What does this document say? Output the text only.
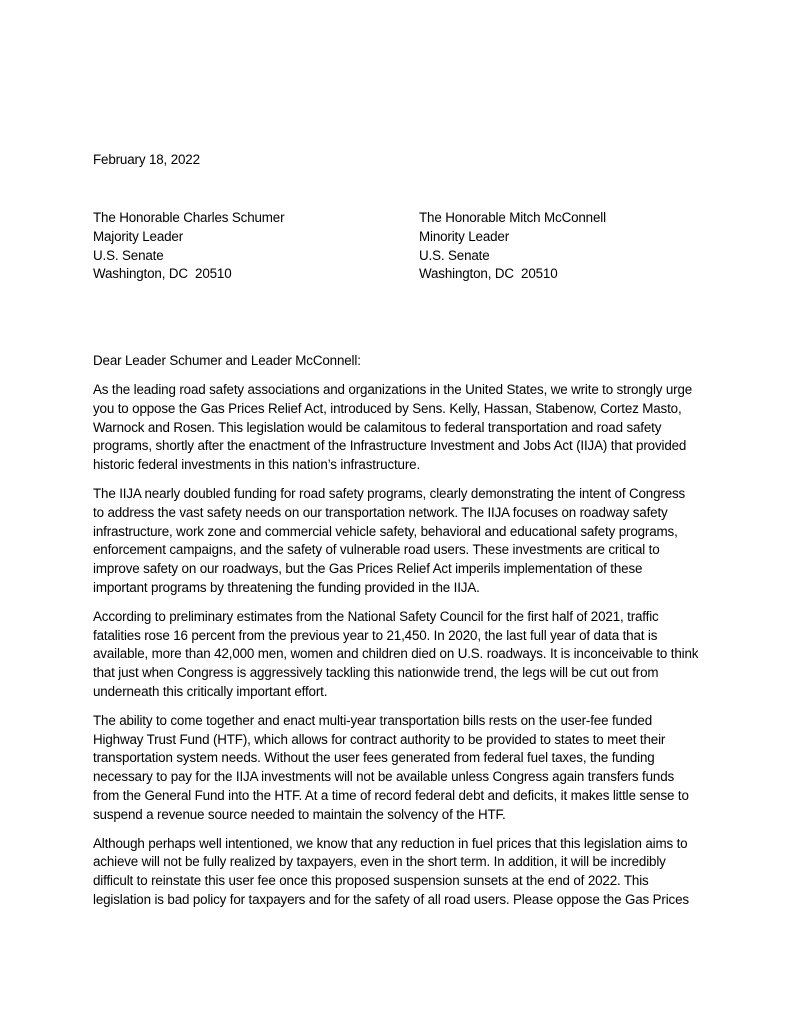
February 18, 2022
The Honorable Charles Schumer
Majority Leader
U.S. Senate
Washington, DC  20510
The Honorable Mitch McConnell
Minority Leader
U.S. Senate
Washington, DC  20510
Dear Leader Schumer and Leader McConnell:

As the leading road safety associations and organizations in the United States, we write to strongly urge you to oppose the Gas Prices Relief Act, introduced by Sens. Kelly, Hassan, Stabenow, Cortez Masto, Warnock and Rosen. This legislation would be calamitous to federal transportation and road safety programs, shortly after the enactment of the Infrastructure Investment and Jobs Act (IIJA) that provided historic federal investments in this nation’s infrastructure.

The IIJA nearly doubled funding for road safety programs, clearly demonstrating the intent of Congress to address the vast safety needs on our transportation network. The IIJA focuses on roadway safety infrastructure, work zone and commercial vehicle safety, behavioral and educational safety programs, enforcement campaigns, and the safety of vulnerable road users. These investments are critical to improve safety on our roadways, but the Gas Prices Relief Act imperils implementation of these important programs by threatening the funding provided in the IIJA.

According to preliminary estimates from the National Safety Council for the first half of 2021, traffic fatalities rose 16 percent from the previous year to 21,450. In 2020, the last full year of data that is available, more than 42,000 men, women and children died on U.S. roadways. It is inconceivable to think that just when Congress is aggressively tackling this nationwide trend, the legs will be cut out from underneath this critically important effort.

The ability to come together and enact multi-year transportation bills rests on the user-fee funded Highway Trust Fund (HTF), which allows for contract authority to be provided to states to meet their transportation system needs. Without the user fees generated from federal fuel taxes, the funding necessary to pay for the IIJA investments will not be available unless Congress again transfers funds from the General Fund into the HTF. At a time of record federal debt and deficits, it makes little sense to suspend a revenue source needed to maintain the solvency of the HTF.

Although perhaps well intentioned, we know that any reduction in fuel prices that this legislation aims to achieve will not be fully realized by taxpayers, even in the short term. In addition, it will be incredibly difficult to reinstate this user fee once this proposed suspension sunsets at the end of 2022. This legislation is bad policy for taxpayers and for the safety of all road users. Please oppose the Gas Prices
